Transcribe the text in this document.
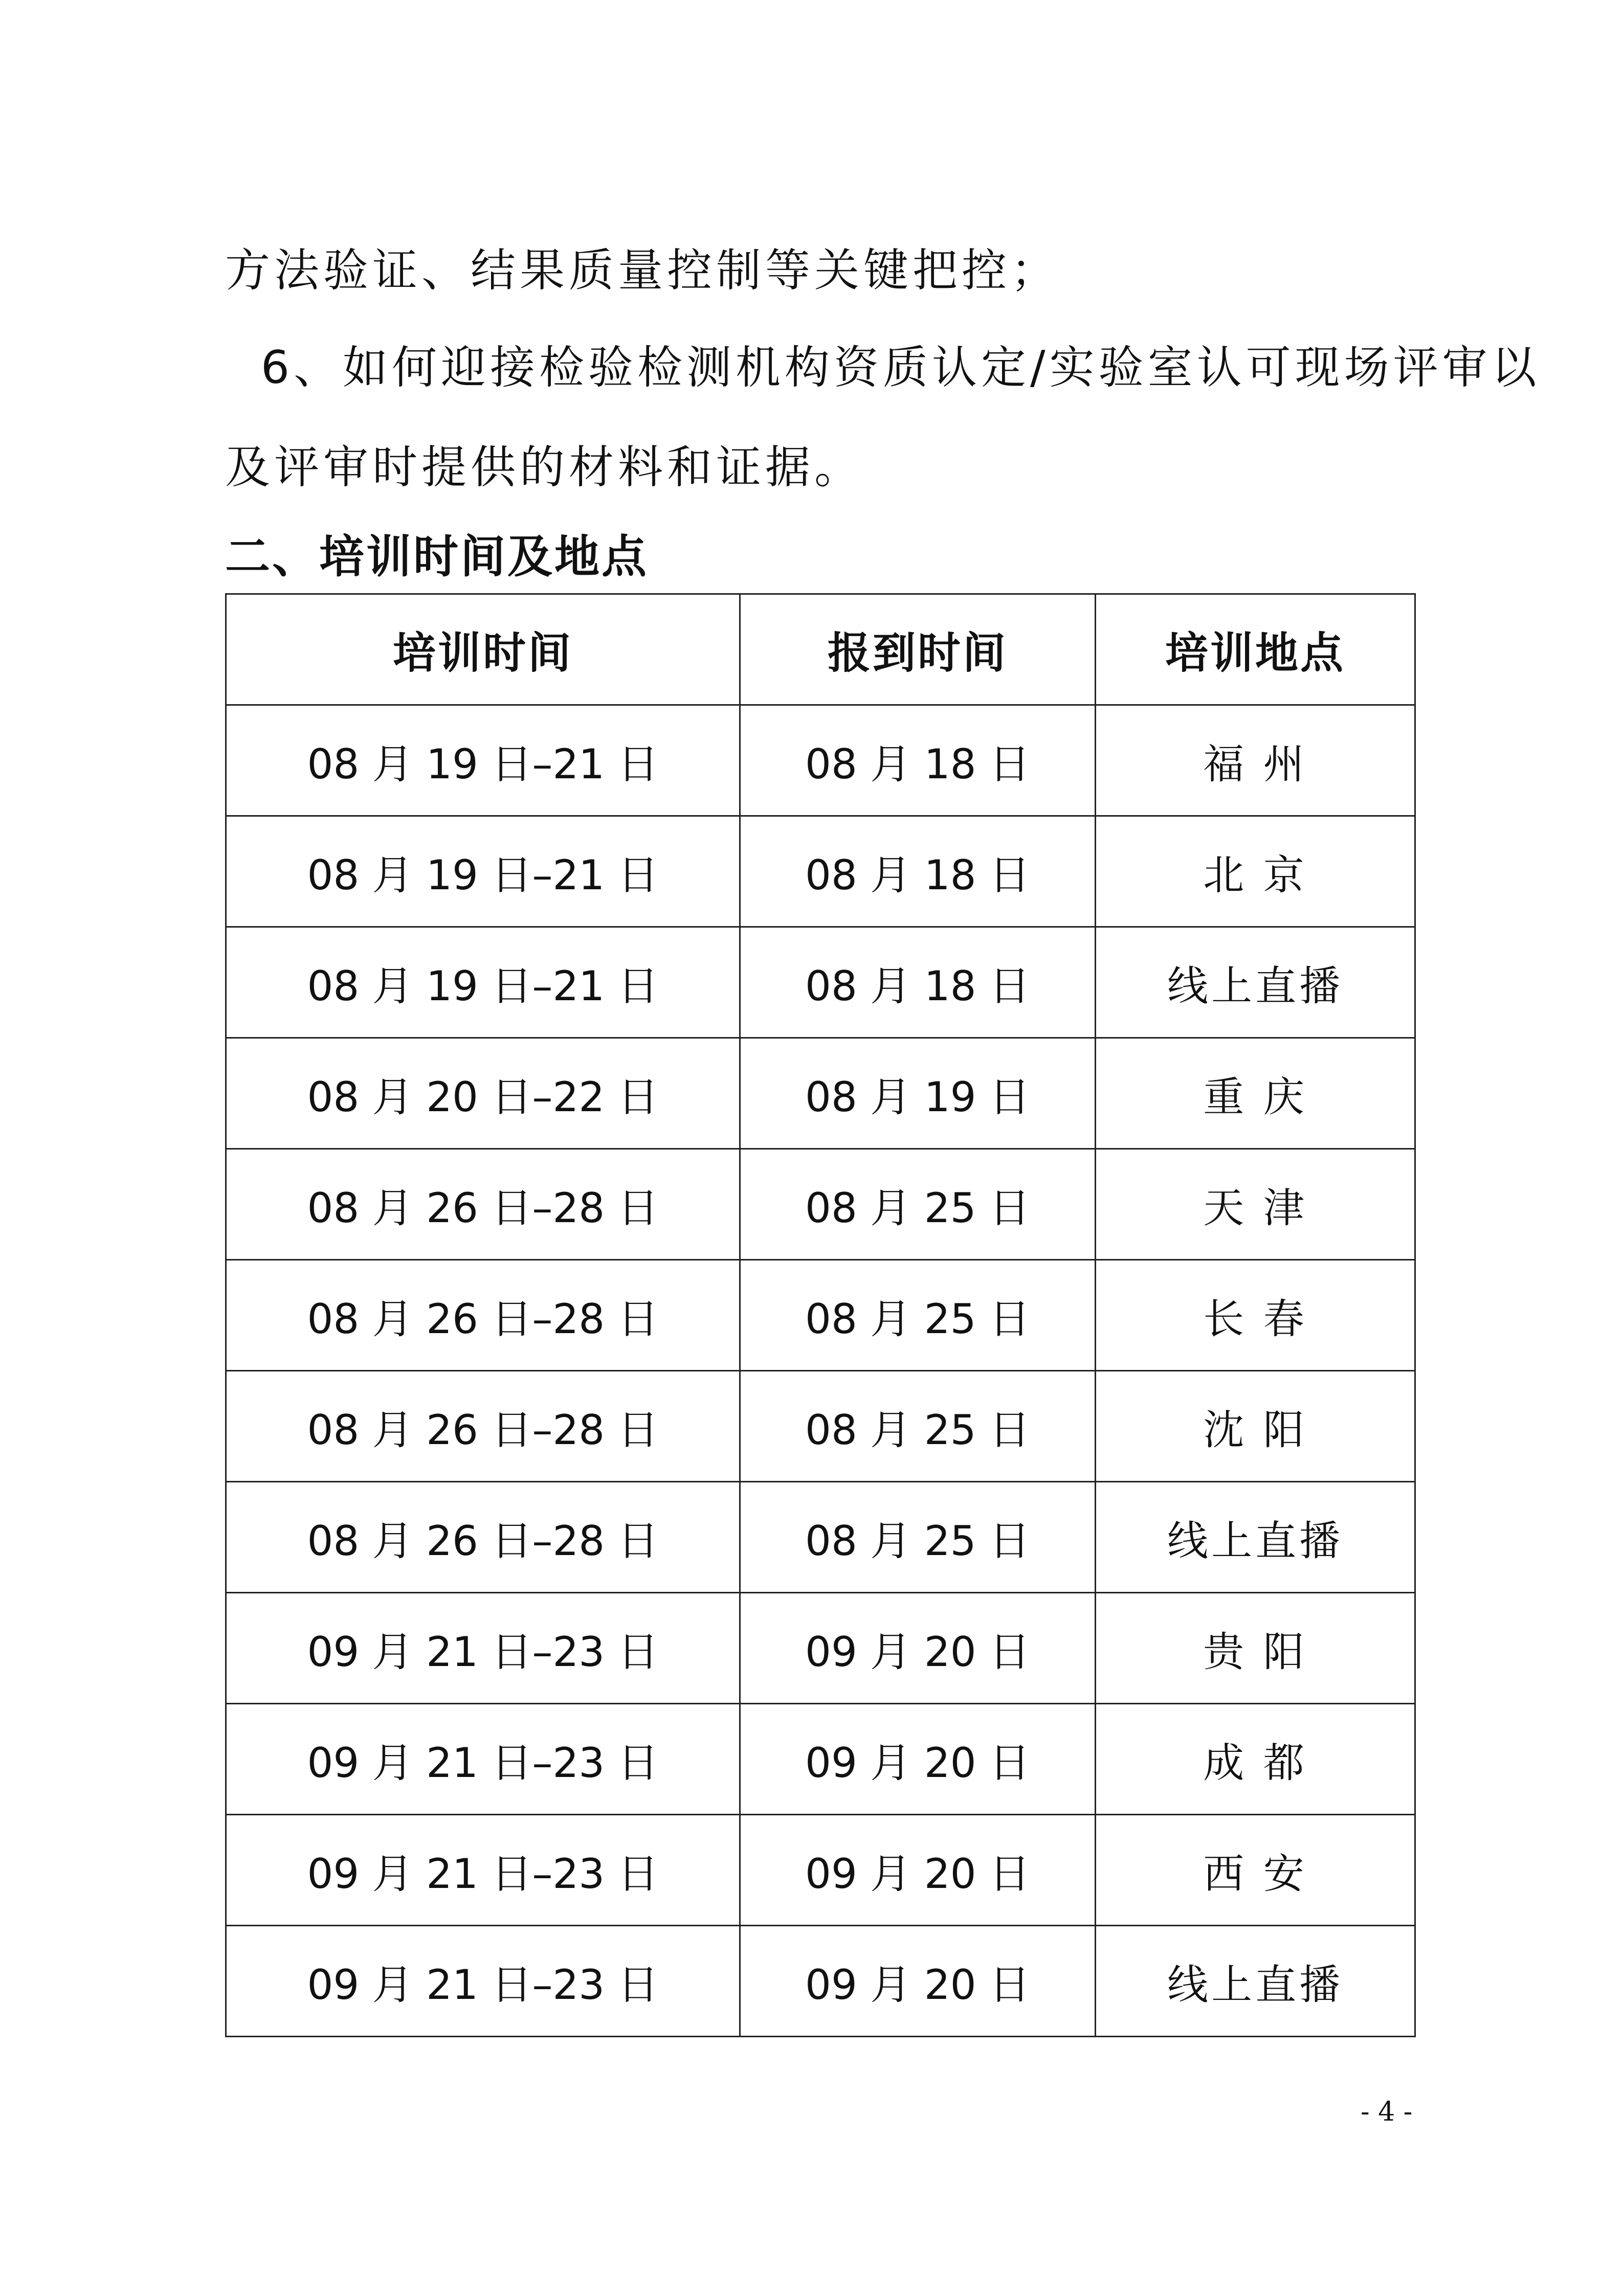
方法验证、结果质量控制等关键把控；
6、如何迎接检验检测机构资质认定/实验室认可现场评审以
及评审时提供的材料和证据。
二、培训时间及地点
培训时间	报到时间	培训地点
08 月 19 日–21 日	08 月 18 日	福 州
08 月 19 日–21 日	08 月 18 日	北 京
08 月 19 日–21 日	08 月 18 日	线上直播
08 月 20 日–22 日	08 月 19 日	重 庆
08 月 26 日–28 日	08 月 25 日	天 津
08 月 26 日–28 日	08 月 25 日	长 春
08 月 26 日–28 日	08 月 25 日	沈 阳
08 月 26 日–28 日	08 月 25 日	线上直播
09 月 21 日–23 日	09 月 20 日	贵 阳
09 月 21 日–23 日	09 月 20 日	成 都
09 月 21 日–23 日	09 月 20 日	西 安
09 月 21 日–23 日	09 月 20 日	线上直播
- 4 -
